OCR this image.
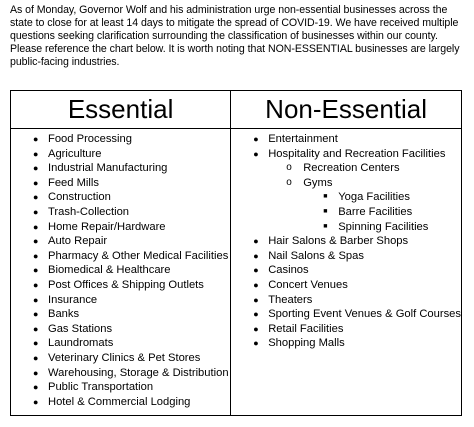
As of Monday, Governor Wolf and his administration urge non-essential businesses across the state to close for at least 14 days to mitigate the spread of COVID-19. We have received multiple questions seeking clarification surrounding the classification of businesses within our county. Please reference the chart below. It is worth noting that NON-ESSENTIAL businesses are largely public-facing industries.
Essential
● Food Processing
● Agriculture
● Industrial Manufacturing
● Feed Mills
● Construction
● Trash-Collection
● Home Repair/Hardware
● Auto Repair
● Pharmacy & Other Medical Facilities
● Biomedical & Healthcare
● Post Offices & Shipping Outlets
● Insurance
● Banks
● Gas Stations
● Laundromats
● Veterinary Clinics & Pet Stores
● Warehousing, Storage & Distribution
● Public Transportation
● Hotel & Commercial Lodging
Non-Essential
● Entertainment
● Hospitality and Recreation Facilities
o Recreation Centers
o Gyms
■ Yoga Facilities
■ Barre Facilities
■ Spinning Facilities
● Hair Salons & Barber Shops
● Nail Salons & Spas
● Casinos
● Concert Venues
● Theaters
● Sporting Event Venues & Golf Courses
● Retail Facilities
● Shopping Malls
